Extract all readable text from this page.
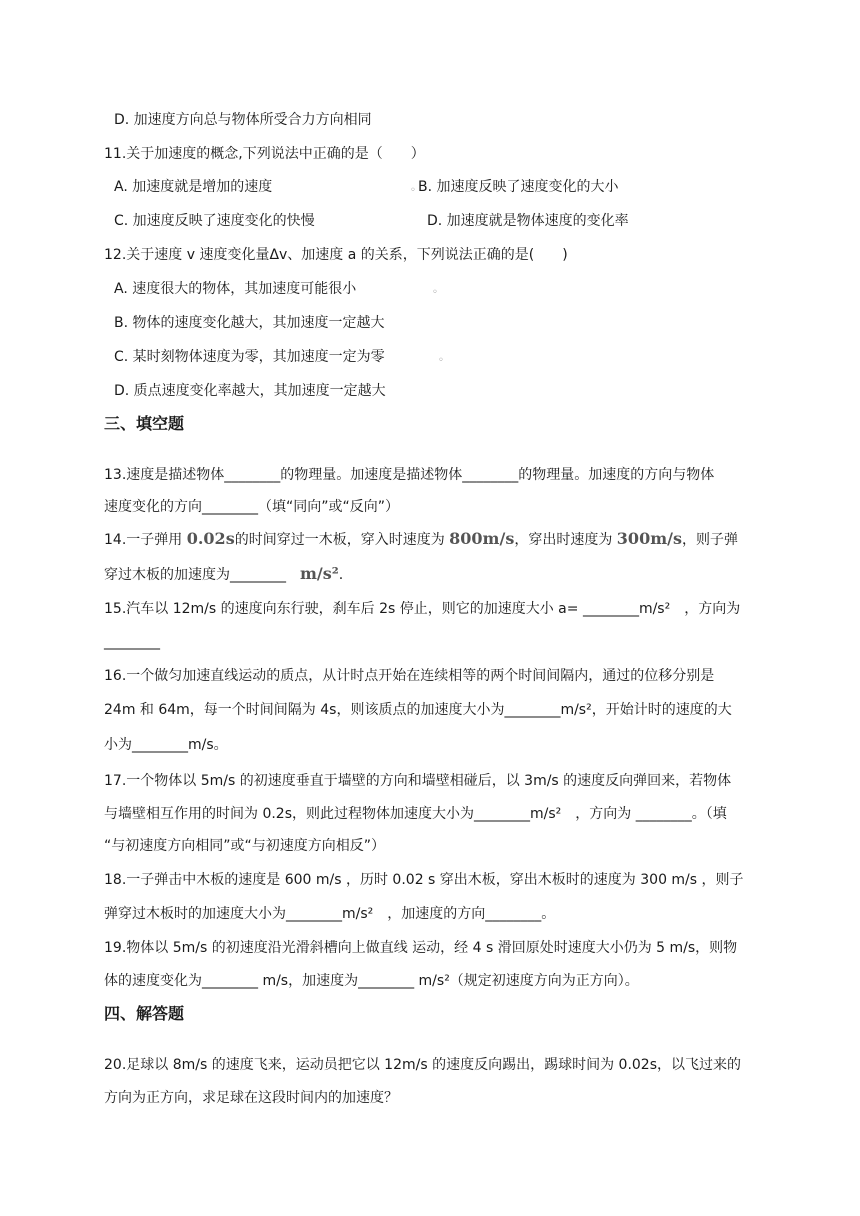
D. 加速度方向总与物体所受合力方向相同
11.关于加速度的概念,下列说法中正确的是（　　）
A. 加速度就是增加的速度	◦ B. 加速度反映了速度变化的大小
C. 加速度反映了速度变化的快慢	D. 加速度就是物体速度的变化率
12.关于速度 v 速度变化量Δv、加速度 a 的关系，下列说法正确的是(　　)
A. 速度很大的物体，其加速度可能很小	◦
B. 物体的速度变化越大，其加速度一定越大
C. 某时刻物体速度为零，其加速度一定为零	◦
D. 质点速度变化率越大，其加速度一定越大
三、填空题
13.速度是描述物体________的物理量。加速度是描述物体________的物理量。加速度的方向与物体
速度变化的方向________（填“同向”或“反向”）
14.一子弹用 0.02s的时间穿过一木板，穿入时速度为 800m/s，穿出时速度为 300m/s，则子弹
穿过木板的加速度为________　m/s².
15.汽车以 12m/s 的速度向东行驶，刹车后 2s 停止，则它的加速度大小 a= ________m/s²　，方向为
________
16.一个做匀加速直线运动的质点，从计时点开始在连续相等的两个时间间隔内，通过的位移分别是
24m 和 64m，每一个时间间隔为 4s，则该质点的加速度大小为________m/s²，开始计时的速度的大
小为________m/s。
17.一个物体以 5m/s 的初速度垂直于墙壁的方向和墙壁相碰后，以 3m/s 的速度反向弹回来，若物体
与墙壁相互作用的时间为 0.2s，则此过程物体加速度大小为________m/s²　，方向为 ________。（填
“与初速度方向相同”或“与初速度方向相反”）
18.一子弹击中木板的速度是 600 m/s ，历时 0.02 s 穿出木板，穿出木板时的速度为 300 m/s ，则子
弹穿过木板时的加速度大小为________m/s²　，加速度的方向________。
19.物体以 5m/s 的初速度沿光滑斜槽向上做直线 运动，经 4 s 滑回原处时速度大小仍为 5 m/s，则物
体的速度变化为________ m/s，加速度为________ m/s²（规定初速度方向为正方向）。
四、解答题
20.足球以 8m/s 的速度飞来，运动员把它以 12m/s 的速度反向踢出，踢球时间为 0.02s，以飞过来的
方向为正方向，求足球在这段时间内的加速度？
